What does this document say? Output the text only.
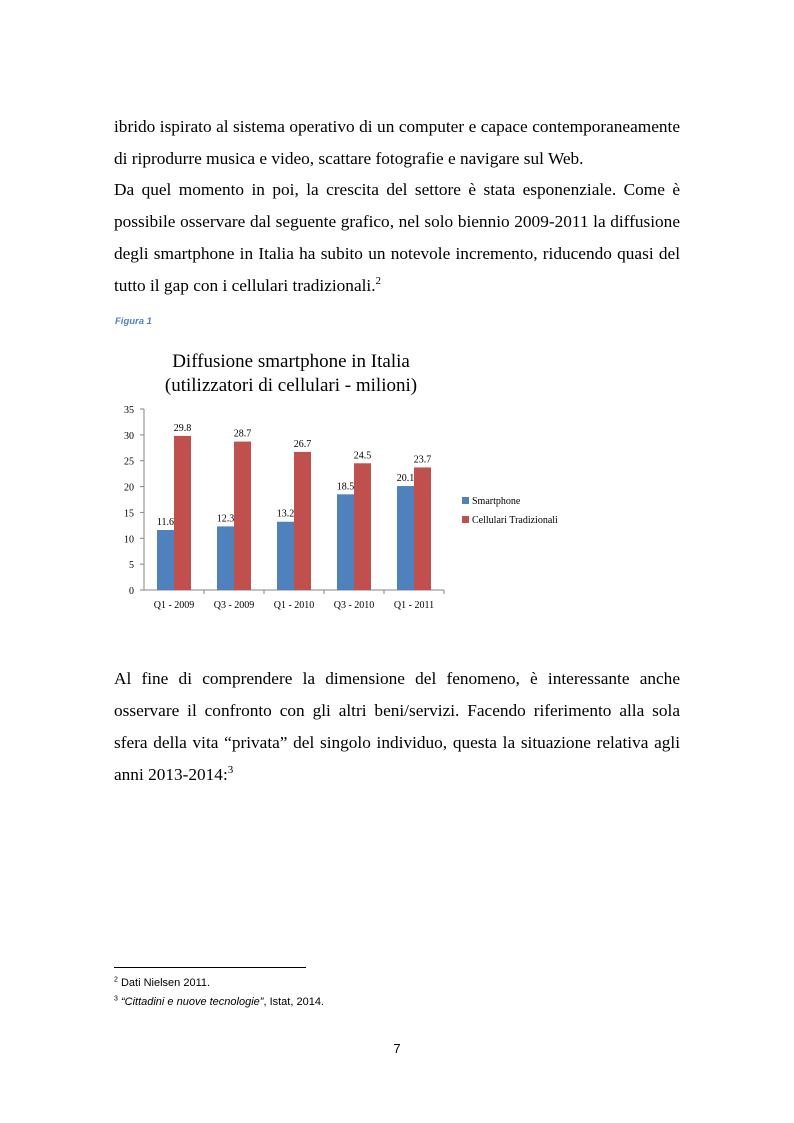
ibrido ispirato al sistema operativo di un computer e capace contemporaneamente di riprodurre musica e video, scattare fotografie e navigare sul Web.

Da quel momento in poi, la crescita del settore è stata esponenziale. Come è possibile osservare dal seguente grafico, nel solo biennio 2009-2011 la diffusione degli smartphone in Italia ha subito un notevole incremento, riducendo quasi del tutto il gap con i cellulari tradizionali.$^2$

Figura 1
Diffusione smartphone in Italia
(utilizzatori di cellulari - milioni)
0
5
10
15
20
25
30
35
11.6
29.8
Q1 - 2009
12.3
28.7
Q3 - 2009
13.2
26.7
Q1 - 2010
18.5
24.5
Q3 - 2010
20.1
23.7
Q1 - 2011
Smartphone
Cellulari Tradizionali

Al fine di comprendere la dimensione del fenomeno, è interessante anche osservare il confronto con gli altri beni/servizi. Facendo riferimento alla sola sfera della vita “privata” del singolo individuo, questa la situazione relativa agli anni 2013-2014:$^3$

$^2$ Dati Nielsen 2011.
$^3$ “Cittadini e nuove tecnologie”, Istat, 2014.
7
